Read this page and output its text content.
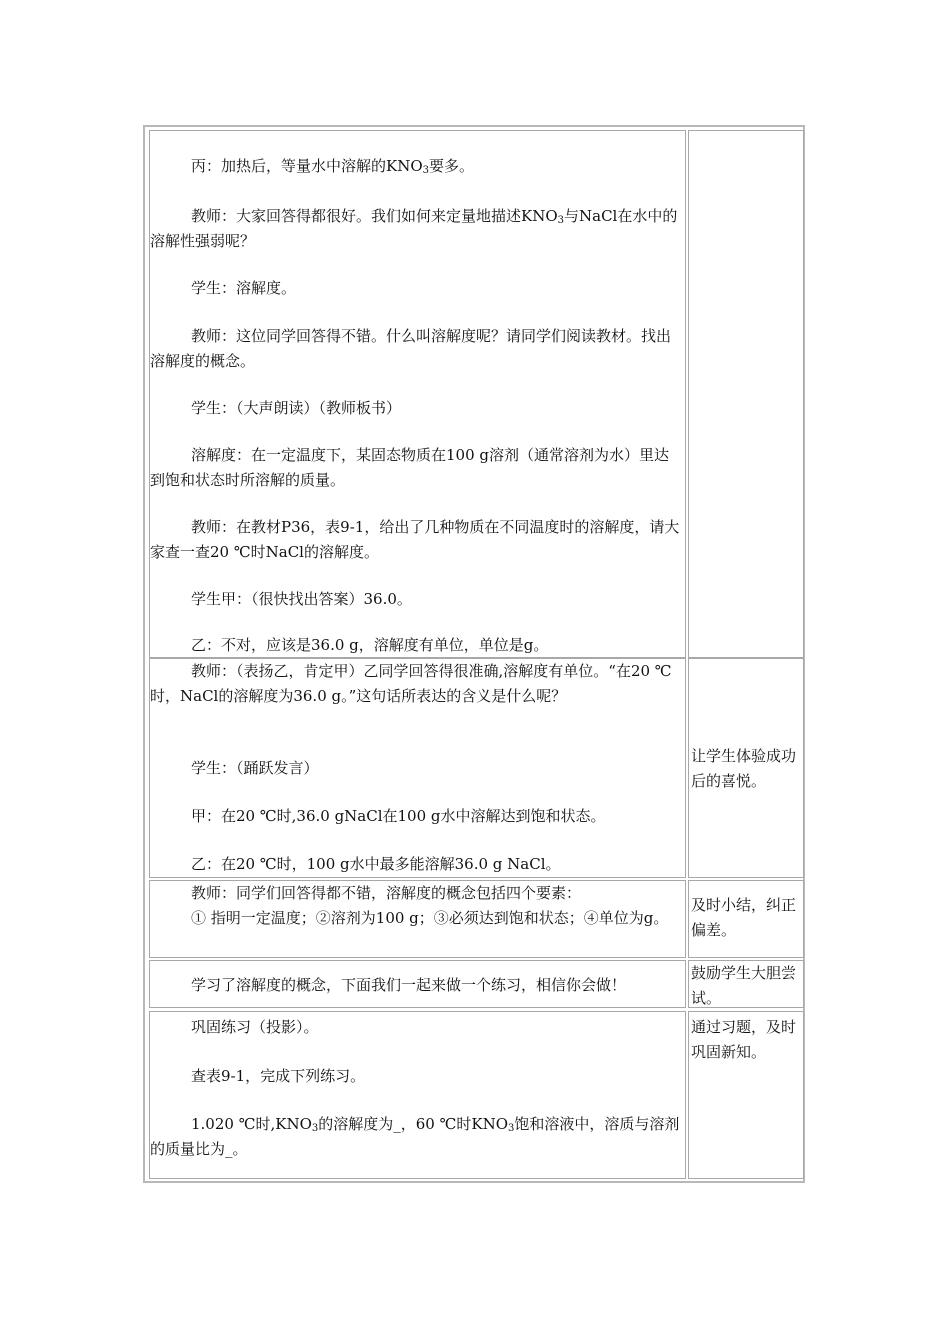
丙：加热后，等量水中溶解的$KNO_3$要多。
教师：大家回答得都很好。我们如何来定量地描述$KNO_3$与NaCl在水中的溶解性强弱呢？
学生：溶解度。
教师：这位同学回答得不错。什么叫溶解度呢？请同学们阅读教材。找出溶解度的概念。
学生：（大声朗读）（教师板书）
溶解度：在一定温度下，某固态物质在100 g溶剂（通常溶剂为水）里达到饱和状态时所溶解的质量。
教师：在教材P36，表9-1，给出了几种物质在不同温度时的溶解度，请大家查一查20 ℃时NaCl的溶解度。
学生甲：（很快找出答案）36.0。
乙：不对，应该是36.0 g，溶解度有单位，单位是g。
教师：（表扬乙，肯定甲）乙同学回答得很准确,溶解度有单位。“在20 ℃时，NaCl的溶解度为36.0 g。”这句话所表达的含义是什么呢？
学生：（踊跃发言）
甲：在20 ℃时,36.0 gNaCl在100 g水中溶解达到饱和状态。
乙：在20 ℃时，100 g水中最多能溶解36.0 g NaCl。
让学生体验成功后的喜悦。
教师：同学们回答得都不错，溶解度的概念包括四个要素：
① 指明一定温度；②溶剂为100 g；③必须达到饱和状态；④单位为g。
及时小结，纠正偏差。
学习了溶解度的概念，下面我们一起来做一个练习，相信你会做！
鼓励学生大胆尝试。
巩固练习（投影）。
查表9-1，完成下列练习。
1.020 ℃时$,KNO_3$的溶解度为_，60 ℃时$KNO_3$饱和溶液中，溶质与溶剂的质量比为_。
通过习题，及时巩固新知。
